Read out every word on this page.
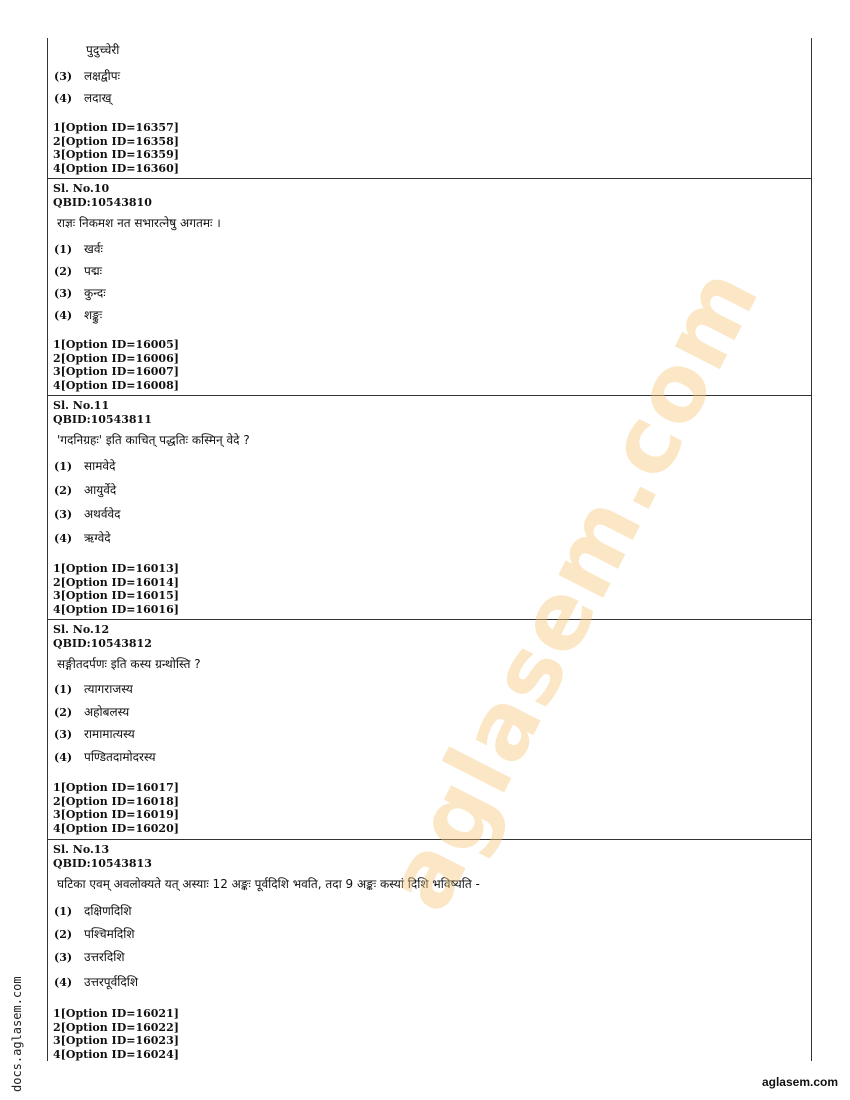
पुदुच्चेरी
(3) लक्षद्वीपः
(4) लदाख्
1[Option ID=16357]
2[Option ID=16358]
3[Option ID=16359]
4[Option ID=16360]
Sl. No.10
QBID:10543810
राज्ञः निकमश नत सभारत्नेषु अगतमः ।
(1) खर्वः
(2) पद्मः
(3) कुन्दः
(4) शङ्कुः
1[Option ID=16005]
2[Option ID=16006]
3[Option ID=16007]
4[Option ID=16008]
Sl. No.11
QBID:10543811
'गदनिग्रहः' इति काचित् पद्धतिः कस्मिन् वेदे ?
(1) सामवेदे
(2) आयुर्वेदे
(3) अथर्ववेद
(4) ऋग्वेदे
1[Option ID=16013]
2[Option ID=16014]
3[Option ID=16015]
4[Option ID=16016]
Sl. No.12
QBID:10543812
सङ्गीतदर्पणः इति कस्य ग्रन्थोस्ति ?
(1) त्यागराजस्य
(2) अहोबलस्य
(3) रामामात्यस्य
(4) पण्डितदामोदरस्य
1[Option ID=16017]
2[Option ID=16018]
3[Option ID=16019]
4[Option ID=16020]
Sl. No.13
QBID:10543813
घटिका एवम् अवलोक्यते यत् अस्याः 12 अङ्कः पूर्वदिशि भवति, तदा 9 अङ्कः कस्यां दिशि भविष्यति -
(1) दक्षिणदिशि
(2) पश्चिमदिशि
(3) उत्तरदिशि
(4) उत्तरपूर्वदिशि
1[Option ID=16021]
2[Option ID=16022]
3[Option ID=16023]
4[Option ID=16024]
aglasem.com
docs.aglasem.com	aglasem.com
